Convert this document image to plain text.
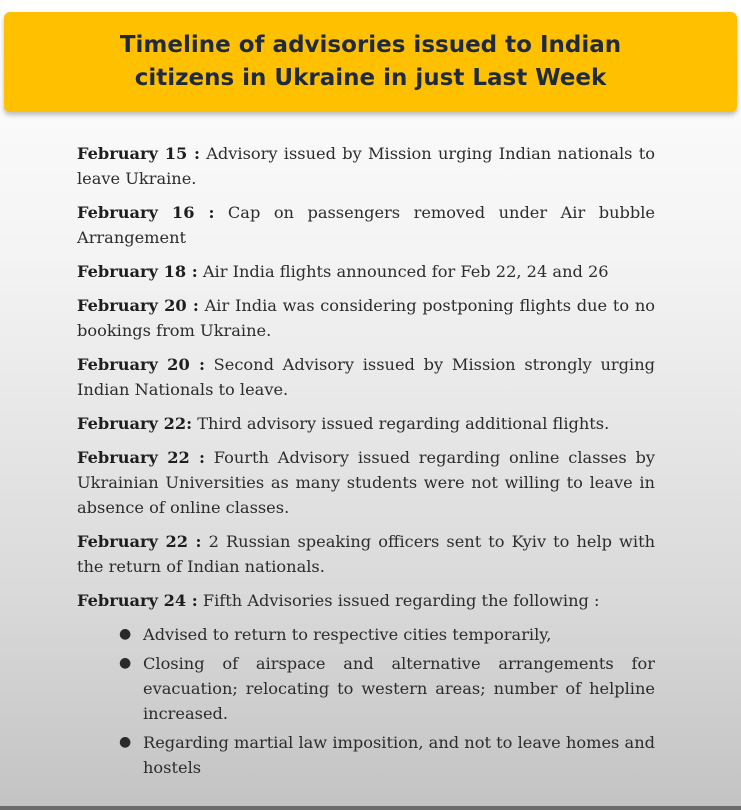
Timeline of advisories issued to Indian citizens in Ukraine in just Last Week

February 15 : Advisory issued by Mission urging Indian nationals to leave Ukraine.

February 16 : Cap on passengers removed under Air bubble Arrangement

February 18 : Air India flights announced for Feb 22, 24 and 26

February 20 : Air India was considering postponing flights due to no bookings from Ukraine.

February 20 : Second Advisory issued by Mission strongly urging Indian Nationals to leave.

February 22: Third advisory issued regarding additional flights.

February 22 : Fourth Advisory issued regarding online classes by Ukrainian Universities as many students were not willing to leave in absence of online classes.

February 22 : 2 Russian speaking officers sent to Kyiv to help with the return of Indian nationals.

February 24 : Fifth Advisories issued regarding the following :

● Advised to return to respective cities temporarily,
● Closing of airspace and alternative arrangements for evacuation; relocating to western areas; number of helpline increased.
● Regarding martial law imposition, and not to leave homes and hostels
